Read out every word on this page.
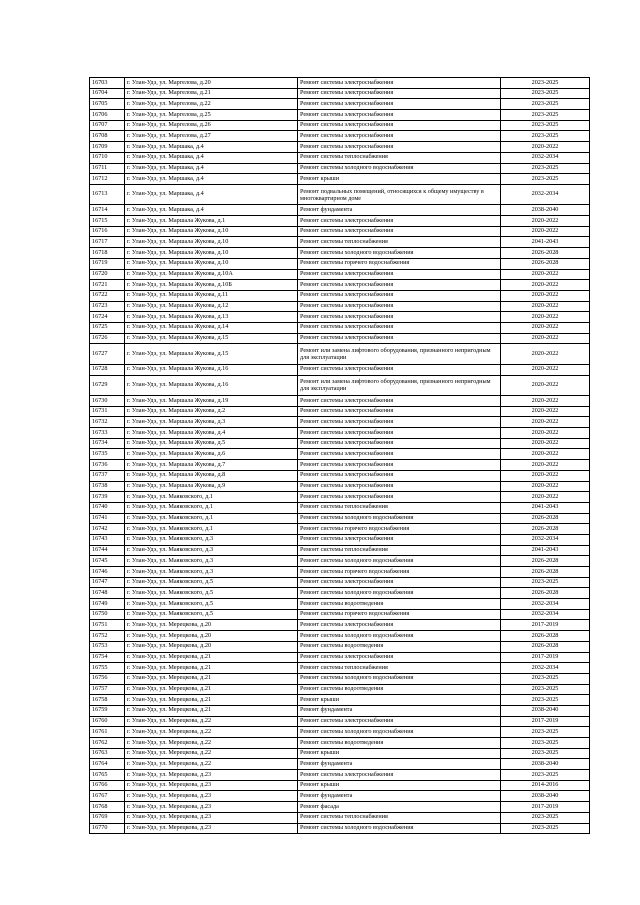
16703	г. Улан-Удэ, ул. Маргелова, д.20	Ремонт системы электроснабжения	2023-2025
16704	г. Улан-Удэ, ул. Маргелова, д.21	Ремонт системы электроснабжения	2023-2025
16705	г. Улан-Удэ, ул. Маргелова, д.22	Ремонт системы электроснабжения	2023-2025
16706	г. Улан-Удэ, ул. Маргелова, д.25	Ремонт системы электроснабжения	2023-2025
16707	г. Улан-Удэ, ул. Маргелова, д.26	Ремонт системы электроснабжения	2023-2025
16708	г. Улан-Удэ, ул. Маргелова, д.27	Ремонт системы электроснабжения	2023-2025
16709	г. Улан-Удэ, ул. Маршака, д.4	Ремонт системы электроснабжения	2020-2022
16710	г. Улан-Удэ, ул. Маршака, д.4	Ремонт системы теплоснабжения	2032-2034
16711	г. Улан-Удэ, ул. Маршака, д.4	Ремонт системы холодного водоснабжения	2023-2025
16712	г. Улан-Удэ, ул. Маршака, д.4	Ремонт крыши	2023-2025
16713	г. Улан-Удэ, ул. Маршака, д.4	Ремонт подвальных помещений, относящихся к общему имуществу в многоквартирном доме	2032-2034
16714	г. Улан-Удэ, ул. Маршака, д.4	Ремонт фундамента	2038-2040
16715	г. Улан-Удэ, ул. Маршала Жукова, д.1	Ремонт системы электроснабжения	2020-2022
16716	г. Улан-Удэ, ул. Маршала Жукова, д.10	Ремонт системы электроснабжения	2020-2022
16717	г. Улан-Удэ, ул. Маршала Жукова, д.10	Ремонт системы теплоснабжения	2041-2043
16718	г. Улан-Удэ, ул. Маршала Жукова, д.10	Ремонт системы холодного водоснабжения	2026-2028
16719	г. Улан-Удэ, ул. Маршала Жукова, д.10	Ремонт системы горячего водоснабжения	2026-2028
16720	г. Улан-Удэ, ул. Маршала Жукова, д.10А	Ремонт системы электроснабжения	2020-2022
16721	г. Улан-Удэ, ул. Маршала Жукова, д.10Б	Ремонт системы электроснабжения	2020-2022
16722	г. Улан-Удэ, ул. Маршала Жукова, д.11	Ремонт системы электроснабжения	2020-2022
16723	г. Улан-Удэ, ул. Маршала Жукова, д.12	Ремонт системы электроснабжения	2020-2022
16724	г. Улан-Удэ, ул. Маршала Жукова, д.13	Ремонт системы электроснабжения	2020-2022
16725	г. Улан-Удэ, ул. Маршала Жукова, д.14	Ремонт системы электроснабжения	2020-2022
16726	г. Улан-Удэ, ул. Маршала Жукова, д.15	Ремонт системы электроснабжения	2020-2022
16727	г. Улан-Удэ, ул. Маршала Жукова, д.15	Ремонт или замена лифтового оборудования, признанного непригодным для эксплуатации	2020-2022
16728	г. Улан-Удэ, ул. Маршала Жукова, д.16	Ремонт системы электроснабжения	2020-2022
16729	г. Улан-Удэ, ул. Маршала Жукова, д.16	Ремонт или замена лифтового оборудования, признанного непригодным для эксплуатации	2020-2022
16730	г. Улан-Удэ, ул. Маршала Жукова, д.19	Ремонт системы электроснабжения	2020-2022
16731	г. Улан-Удэ, ул. Маршала Жукова, д.2	Ремонт системы электроснабжения	2020-2022
16732	г. Улан-Удэ, ул. Маршала Жукова, д.3	Ремонт системы электроснабжения	2020-2022
16733	г. Улан-Удэ, ул. Маршала Жукова, д.4	Ремонт системы электроснабжения	2020-2022
16734	г. Улан-Удэ, ул. Маршала Жукова, д.5	Ремонт системы электроснабжения	2020-2022
16735	г. Улан-Удэ, ул. Маршала Жукова, д.6	Ремонт системы электроснабжения	2020-2022
16736	г. Улан-Удэ, ул. Маршала Жукова, д.7	Ремонт системы электроснабжения	2020-2022
16737	г. Улан-Удэ, ул. Маршала Жукова, д.8	Ремонт системы электроснабжения	2020-2022
16738	г. Улан-Удэ, ул. Маршала Жукова, д.9	Ремонт системы электроснабжения	2020-2022
16739	г. Улан-Удэ, ул. Маяковского, д.1	Ремонт системы электроснабжения	2020-2022
16740	г. Улан-Удэ, ул. Маяковского, д.1	Ремонт системы теплоснабжения	2041-2043
16741	г. Улан-Удэ, ул. Маяковского, д.1	Ремонт системы холодного водоснабжения	2026-2028
16742	г. Улан-Удэ, ул. Маяковского, д.1	Ремонт системы горячего водоснабжения	2026-2028
16743	г. Улан-Удэ, ул. Маяковского, д.3	Ремонт системы электроснабжения	2032-2034
16744	г. Улан-Удэ, ул. Маяковского, д.3	Ремонт системы теплоснабжения	2041-2043
16745	г. Улан-Удэ, ул. Маяковского, д.3	Ремонт системы холодного водоснабжения	2026-2028
16746	г. Улан-Удэ, ул. Маяковского, д.3	Ремонт системы горячего водоснабжения	2026-2028
16747	г. Улан-Удэ, ул. Маяковского, д.5	Ремонт системы электроснабжения	2023-2025
16748	г. Улан-Удэ, ул. Маяковского, д.5	Ремонт системы холодного водоснабжения	2026-2028
16749	г. Улан-Удэ, ул. Маяковского, д.5	Ремонт системы водоотведения	2032-2034
16750	г. Улан-Удэ, ул. Маяковского, д.5	Ремонт системы горячего водоснабжения	2032-2034
16751	г. Улан-Удэ, ул. Мерецкова, д.20	Ремонт системы электроснабжения	2017-2019
16752	г. Улан-Удэ, ул. Мерецкова, д.20	Ремонт системы холодного водоснабжения	2026-2028
16753	г. Улан-Удэ, ул. Мерецкова, д.20	Ремонт системы водоотведения	2026-2028
16754	г. Улан-Удэ, ул. Мерецкова, д.21	Ремонт системы электроснабжения	2017-2019
16755	г. Улан-Удэ, ул. Мерецкова, д.21	Ремонт системы теплоснабжения	2032-2034
16756	г. Улан-Удэ, ул. Мерецкова, д.21	Ремонт системы холодного водоснабжения	2023-2025
16757	г. Улан-Удэ, ул. Мерецкова, д.21	Ремонт системы водоотведения	2023-2025
16758	г. Улан-Удэ, ул. Мерецкова, д.21	Ремонт крыши	2023-2025
16759	г. Улан-Удэ, ул. Мерецкова, д.21	Ремонт фундамента	2038-2040
16760	г. Улан-Удэ, ул. Мерецкова, д.22	Ремонт системы электроснабжения	2017-2019
16761	г. Улан-Удэ, ул. Мерецкова, д.22	Ремонт системы холодного водоснабжения	2023-2025
16762	г. Улан-Удэ, ул. Мерецкова, д.22	Ремонт системы водоотведения	2023-2025
16763	г. Улан-Удэ, ул. Мерецкова, д.22	Ремонт крыши	2023-2025
16764	г. Улан-Удэ, ул. Мерецкова, д.22	Ремонт фундамента	2038-2040
16765	г. Улан-Удэ, ул. Мерецкова, д.23	Ремонт системы электроснабжения	2023-2025
16766	г. Улан-Удэ, ул. Мерецкова, д.23	Ремонт крыши	2014-2016
16767	г. Улан-Удэ, ул. Мерецкова, д.23	Ремонт фундамента	2038-2040
16768	г. Улан-Удэ, ул. Мерецкова, д.23	Ремонт фасада	2017-2019
16769	г. Улан-Удэ, ул. Мерецкова, д.23	Ремонт системы теплоснабжения	2023-2025
16770	г. Улан-Удэ, ул. Мерецкова, д.23	Ремонт системы холодного водоснабжения	2023-2025
